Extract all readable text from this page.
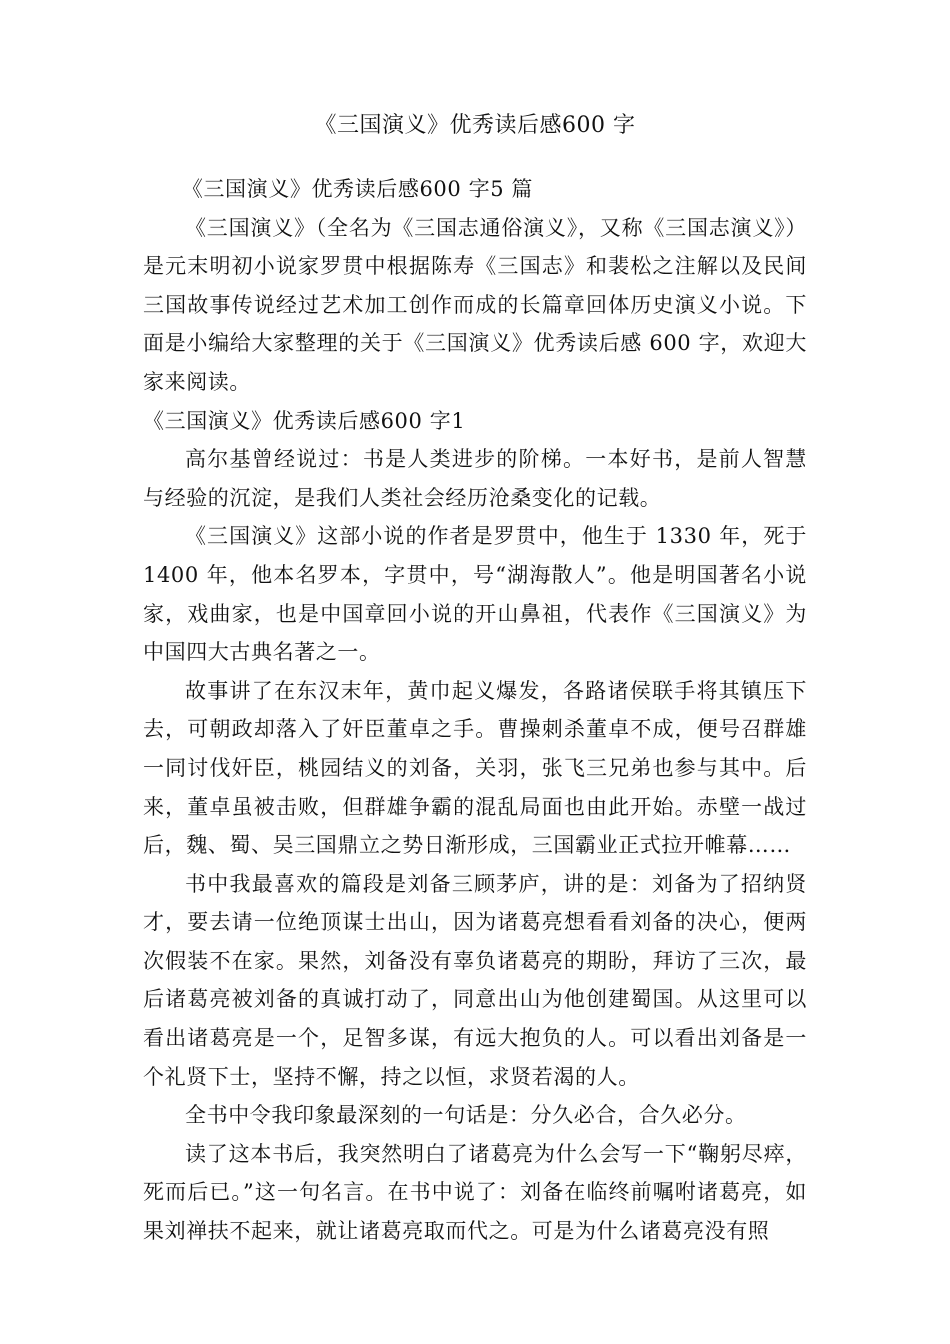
《三国演义》优秀读后感600 字

《三国演义》优秀读后感600 字5 篇

《三国演义》（全名为《三国志通俗演义》，又称《三国志演义》）是元末明初小说家罗贯中根据陈寿《三国志》和裴松之注解以及民间三国故事传说经过艺术加工创作而成的长篇章回体历史演义小说。下面是小编给大家整理的关于《三国演义》优秀读后感 600 字，欢迎大家来阅读。

《三国演义》优秀读后感600 字1

高尔基曾经说过：书是人类进步的阶梯。一本好书，是前人智慧与经验的沉淀，是我们人类社会经历沧桑变化的记载。

《三国演义》这部小说的作者是罗贯中，他生于 1330 年，死于1400 年，他本名罗本，字贯中，号“湖海散人”。他是明国著名小说家，戏曲家，也是中国章回小说的开山鼻祖，代表作《三国演义》为中国四大古典名著之一。

故事讲了在东汉末年，黄巾起义爆发，各路诸侯联手将其镇压下去，可朝政却落入了奸臣董卓之手。曹操刺杀董卓不成，便号召群雄一同讨伐奸臣，桃园结义的刘备，关羽，张飞三兄弟也参与其中。后来，董卓虽被击败，但群雄争霸的混乱局面也由此开始。赤壁一战过后，魏、蜀、吴三国鼎立之势日渐形成，三国霸业正式拉开帷幕……

书中我最喜欢的篇段是刘备三顾茅庐，讲的是：刘备为了招纳贤才，要去请一位绝顶谋士出山，因为诸葛亮想看看刘备的决心，便两次假装不在家。果然，刘备没有辜负诸葛亮的期盼，拜访了三次，最后诸葛亮被刘备的真诚打动了，同意出山为他创建蜀国。从这里可以看出诸葛亮是一个，足智多谋，有远大抱负的人。可以看出刘备是一个礼贤下士，坚持不懈，持之以恒，求贤若渴的人。

全书中令我印象最深刻的一句话是：分久必合，合久必分。

读了这本书后，我突然明白了诸葛亮为什么会写一下“鞠躬尽瘁，死而后已。”这一句名言。在书中说了：刘备在临终前嘱咐诸葛亮，如果刘禅扶不起来，就让诸葛亮取而代之。可是为什么诸葛亮没有照
